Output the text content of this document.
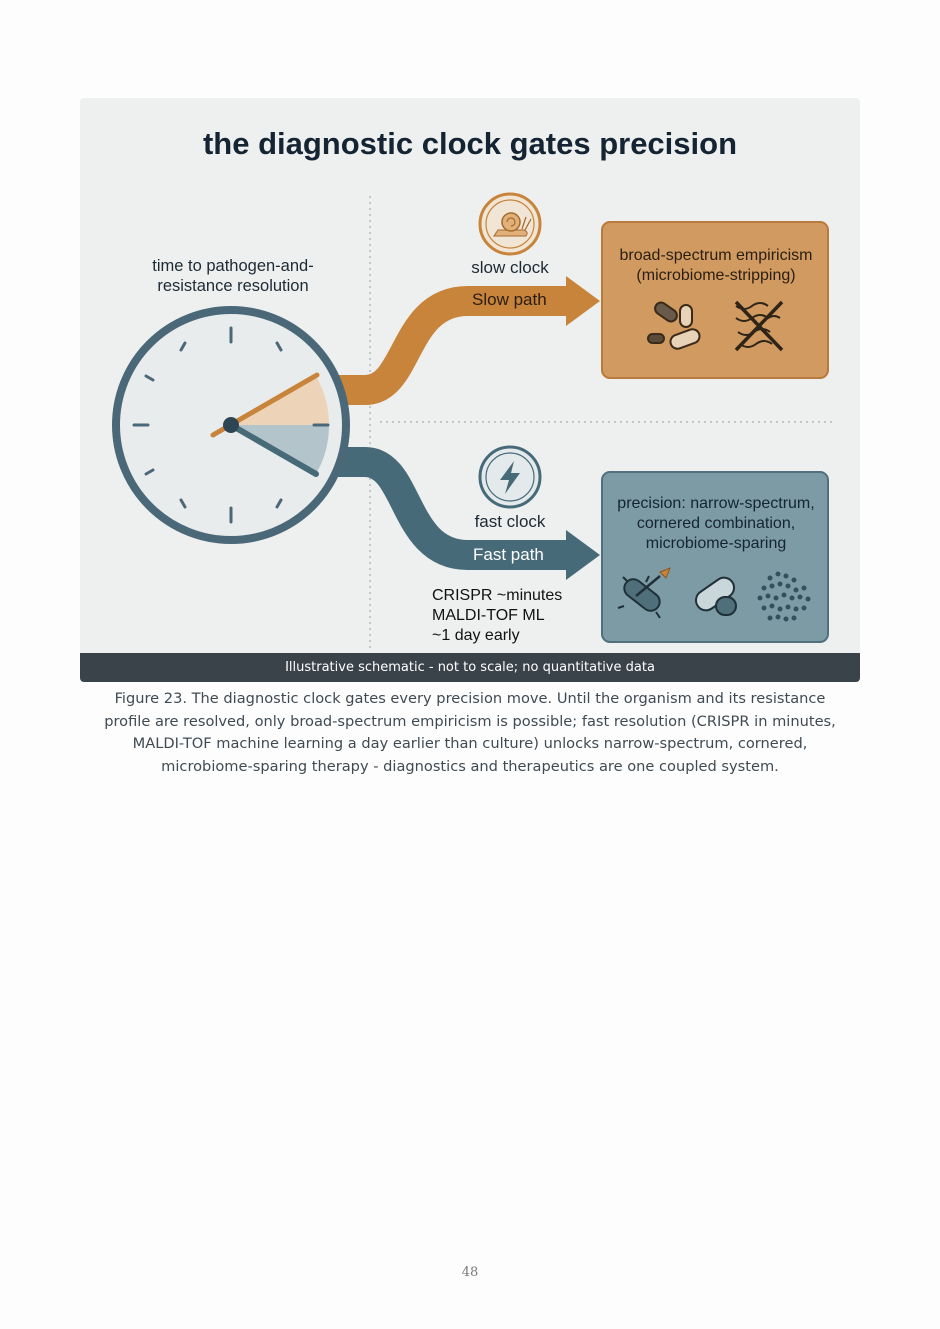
the diagnostic clock gates precision
time to pathogen-and-
resistance resolution
slow clock
Slow path
fast clock
Fast path
broad-spectrum empiricism
(microbiome-stripping)
precision: narrow-spectrum,
cornered combination,
microbiome-sparing
CRISPR ~minutes
MALDI-TOF ML
~1 day early
Illustrative schematic - not to scale; no quantitative data

Figure 23. The diagnostic clock gates every precision move. Until the organism and its resistance profile are resolved, only broad-spectrum empiricism is possible; fast resolution (CRISPR in minutes, MALDI-TOF machine learning a day earlier than culture) unlocks narrow-spectrum, cornered, microbiome-sparing therapy - diagnostics and therapeutics are one coupled system.

48
